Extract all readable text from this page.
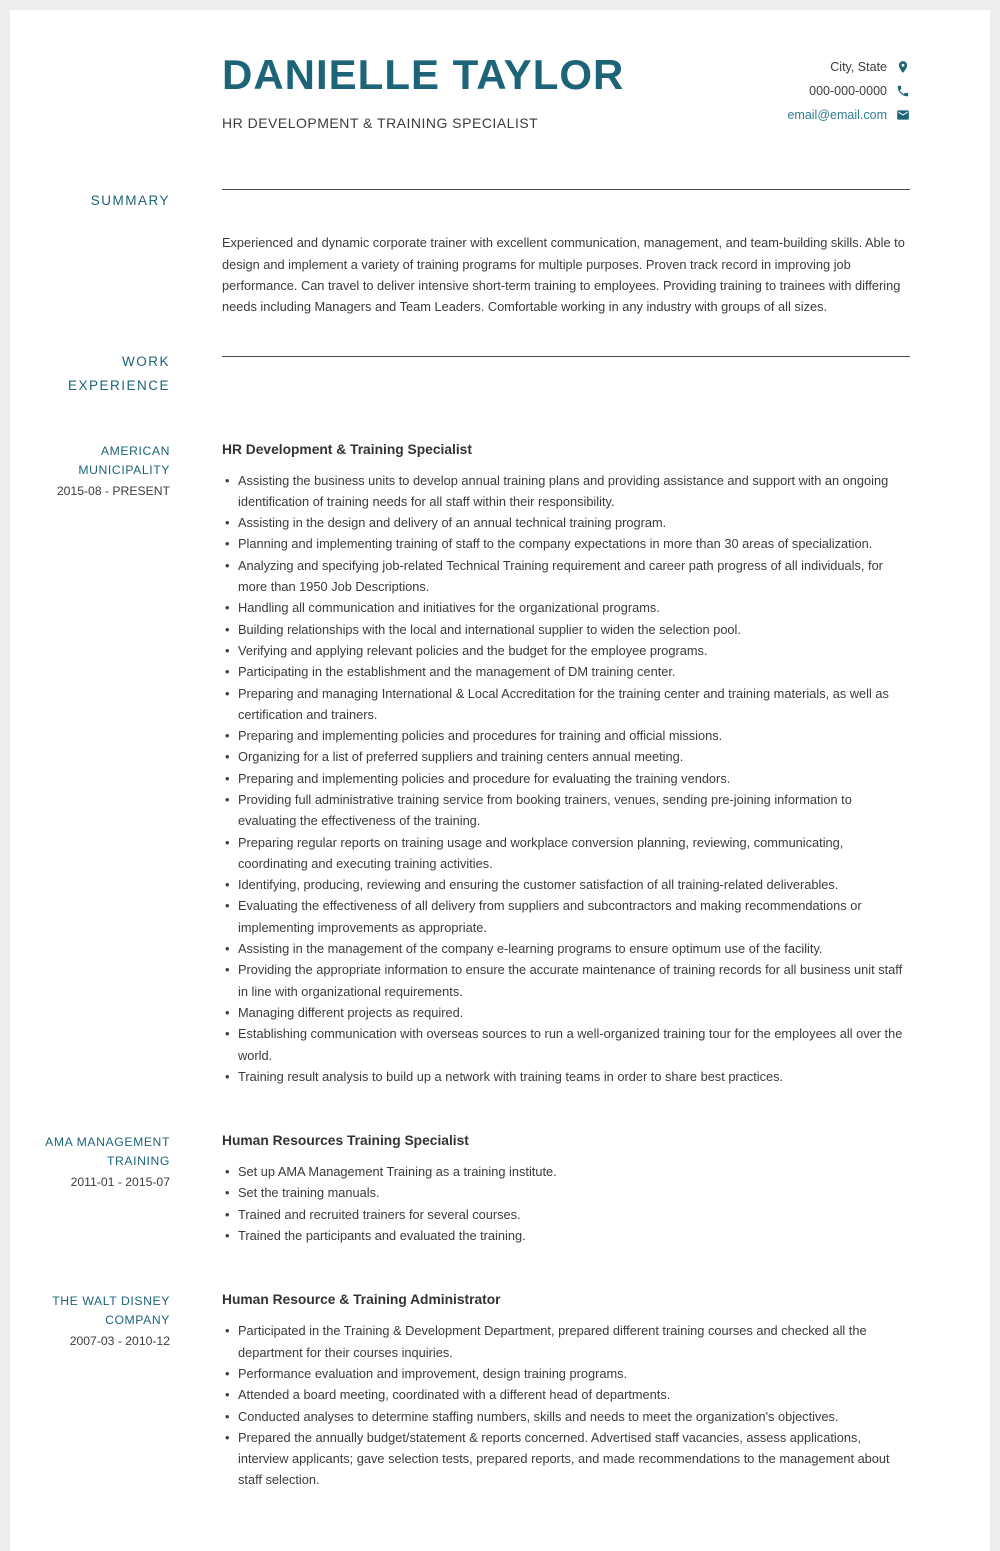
DANIELLE TAYLOR
HR DEVELOPMENT & TRAINING SPECIALIST
City, State
000-000-0000
email@email.com
SUMMARY

Experienced and dynamic corporate trainer with excellent communication, management, and team-building skills. Able to design and implement a variety of training programs for multiple purposes. Proven track record in improving job performance. Can travel to deliver intensive short-term training to employees. Providing training to trainees with differing needs including Managers and Team Leaders. Comfortable working in any industry with groups of all sizes.

WORK EXPERIENCE
AMERICAN MUNICIPALITY
2015-08 - PRESENT
HR Development & Training Specialist
• Assisting the business units to develop annual training plans and providing assistance and support with an ongoing identification of training needs for all staff within their responsibility.
• Assisting in the design and delivery of an annual technical training program.
• Planning and implementing training of staff to the company expectations in more than 30 areas of specialization.
• Analyzing and specifying job-related Technical Training requirement and career path progress of all individuals, for more than 1950 Job Descriptions.
• Handling all communication and initiatives for the organizational programs.
• Building relationships with the local and international supplier to widen the selection pool.
• Verifying and applying relevant policies and the budget for the employee programs.
• Participating in the establishment and the management of DM training center.
• Preparing and managing International & Local Accreditation for the training center and training materials, as well as certification and trainers.
• Preparing and implementing policies and procedures for training and official missions.
• Organizing for a list of preferred suppliers and training centers annual meeting.
• Preparing and implementing policies and procedure for evaluating the training vendors.
• Providing full administrative training service from booking trainers, venues, sending pre-joining information to evaluating the effectiveness of the training.
• Preparing regular reports on training usage and workplace conversion planning, reviewing, communicating, coordinating and executing training activities.
• Identifying, producing, reviewing and ensuring the customer satisfaction of all training-related deliverables.
• Evaluating the effectiveness of all delivery from suppliers and subcontractors and making recommendations or implementing improvements as appropriate.
• Assisting in the management of the company e-learning programs to ensure optimum use of the facility.
• Providing the appropriate information to ensure the accurate maintenance of training records for all business unit staff in line with organizational requirements.
• Managing different projects as required.
• Establishing communication with overseas sources to run a well-organized training tour for the employees all over the world.
• Training result analysis to build up a network with training teams in order to share best practices.
AMA MANAGEMENT TRAINING
2011-01 - 2015-07
Human Resources Training Specialist
• Set up AMA Management Training as a training institute.
• Set the training manuals.
• Trained and recruited trainers for several courses.
• Trained the participants and evaluated the training.
THE WALT DISNEY COMPANY
2007-03 - 2010-12
Human Resource & Training Administrator
• Participated in the Training & Development Department, prepared different training courses and checked all the department for their courses inquiries.
• Performance evaluation and improvement, design training programs.
• Attended a board meeting, coordinated with a different head of departments.
• Conducted analyses to determine staffing numbers, skills and needs to meet the organization's objectives.
• Prepared the annually budget/statement & reports concerned. Advertised staff vacancies, assess applications, interview applicants; gave selection tests, prepared reports, and made recommendations to the management about staff selection.
